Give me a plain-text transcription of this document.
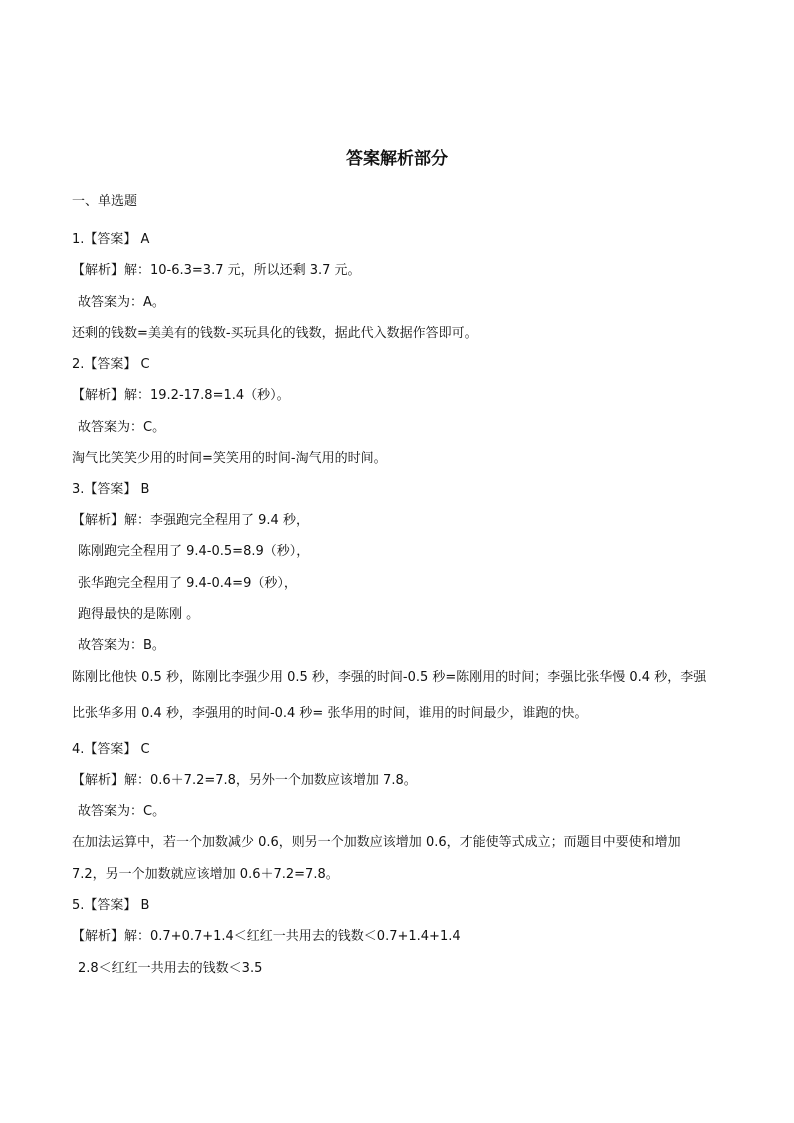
答案解析部分
一、单选题
1.【答案】 A
【解析】解：10-6.3=3.7 元，所以还剩 3.7 元。
故答案为：A。
还剩的钱数=美美有的钱数-买玩具化的钱数，据此代入数据作答即可。
2.【答案】 C
【解析】解：19.2-17.8=1.4（秒）。
故答案为：C。
淘气比笑笑少用的时间=笑笑用的时间-淘气用的时间。
3.【答案】 B
【解析】解：李强跑完全程用了 9.4 秒，
陈刚跑完全程用了 9.4-0.5=8.9（秒），
张华跑完全程用了 9.4-0.4=9（秒），
跑得最快的是陈刚 。
故答案为：B。
陈刚比他快 0.5 秒，陈刚比李强少用 0.5 秒，李强的时间-0.5 秒=陈刚用的时间；李强比张华慢 0.4 秒，李强
比张华多用 0.4 秒，李强用的时间-0.4 秒= 张华用的时间，谁用的时间最少，谁跑的快。
4.【答案】 C
【解析】解：0.6＋7.2=7.8，另外一个加数应该增加 7.8。
故答案为：C。
在加法运算中，若一个加数减少 0.6，则另一个加数应该增加 0.6，才能使等式成立；而题目中要使和增加
7.2，另一个加数就应该增加 0.6＋7.2=7.8。
5.【答案】 B
【解析】解：0.7+0.7+1.4＜红红一共用去的钱数＜0.7+1.4+1.4
2.8＜红红一共用去的钱数＜3.5
